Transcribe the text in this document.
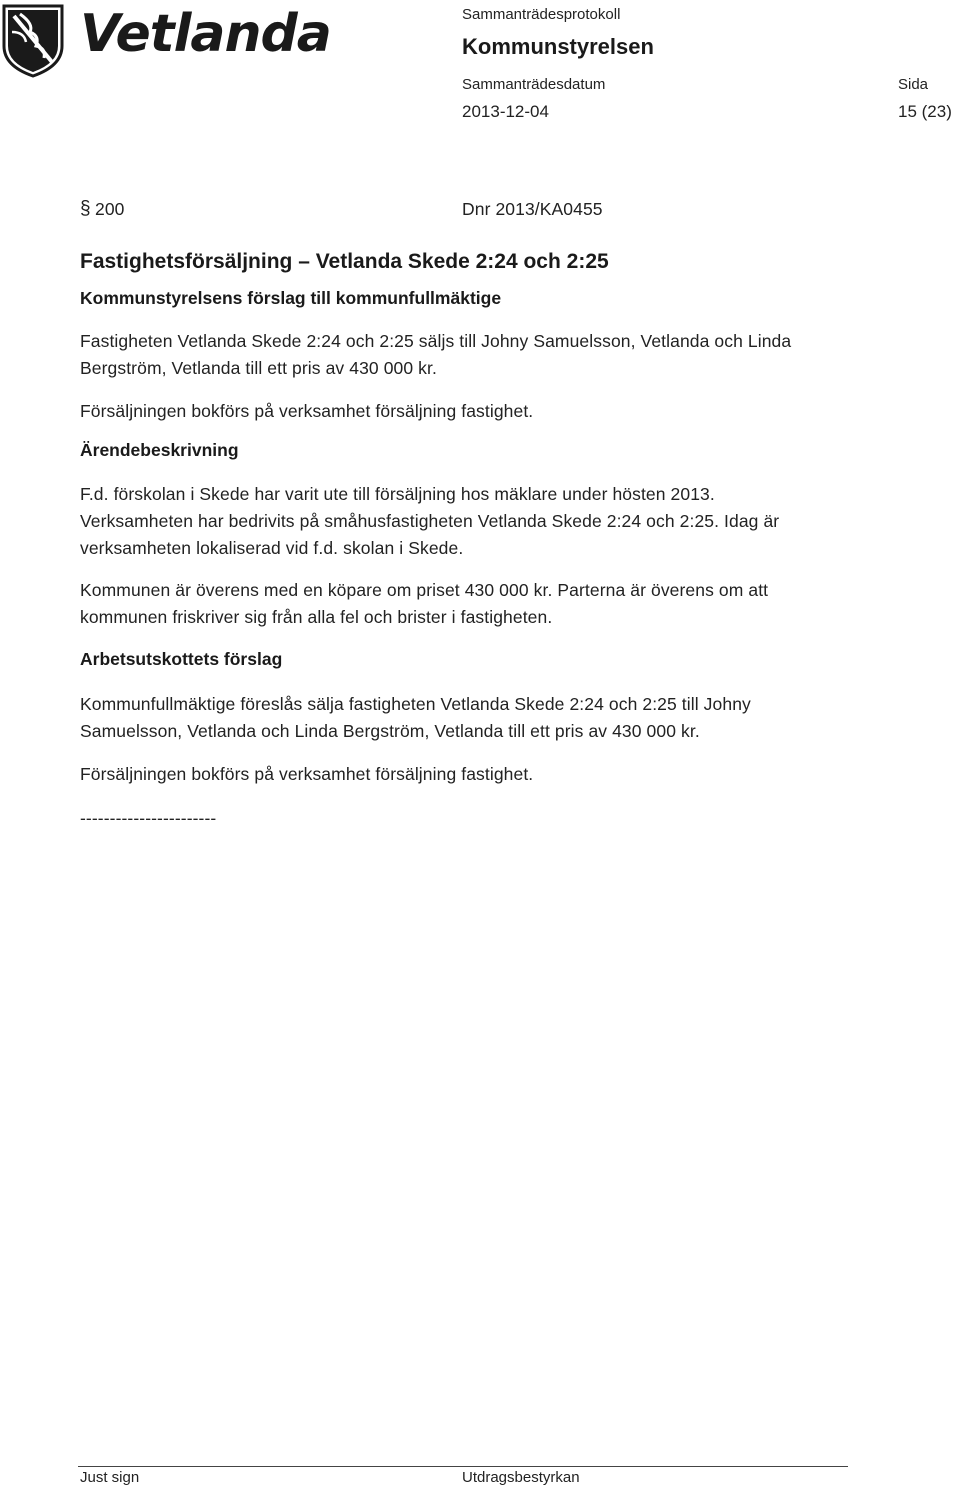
Vetlanda	Sammanträdesprotokoll
Kommunstyrelsen
Sammanträdesdatum	Sida
2013-12-04	15 (23)
§ 200	Dnr 2013/KA0455
Fastighetsförsäljning – Vetlanda Skede 2:24 och 2:25
Kommunstyrelsens förslag till kommunfullmäktige
Fastigheten Vetlanda Skede 2:24 och 2:25 säljs till Johny Samuelsson, Vetlanda och Linda
Bergström, Vetlanda till ett pris av 430 000 kr.
Försäljningen bokförs på verksamhet försäljning fastighet.
Ärendebeskrivning
F.d. förskolan i Skede har varit ute till försäljning hos mäklare under hösten 2013.
Verksamheten har bedrivits på småhusfastigheten Vetlanda Skede 2:24 och 2:25. Idag är
verksamheten lokaliserad vid f.d. skolan i Skede.
Kommunen är överens med en köpare om priset 430 000 kr. Parterna är överens om att
kommunen friskriver sig från alla fel och brister i fastigheten.
Arbetsutskottets förslag
Kommunfullmäktige föreslås sälja fastigheten Vetlanda Skede 2:24 och 2:25 till Johny
Samuelsson, Vetlanda och Linda Bergström, Vetlanda till ett pris av 430 000 kr.
Försäljningen bokförs på verksamhet försäljning fastighet.
-----------------------
Just sign	Utdragsbestyrkan
